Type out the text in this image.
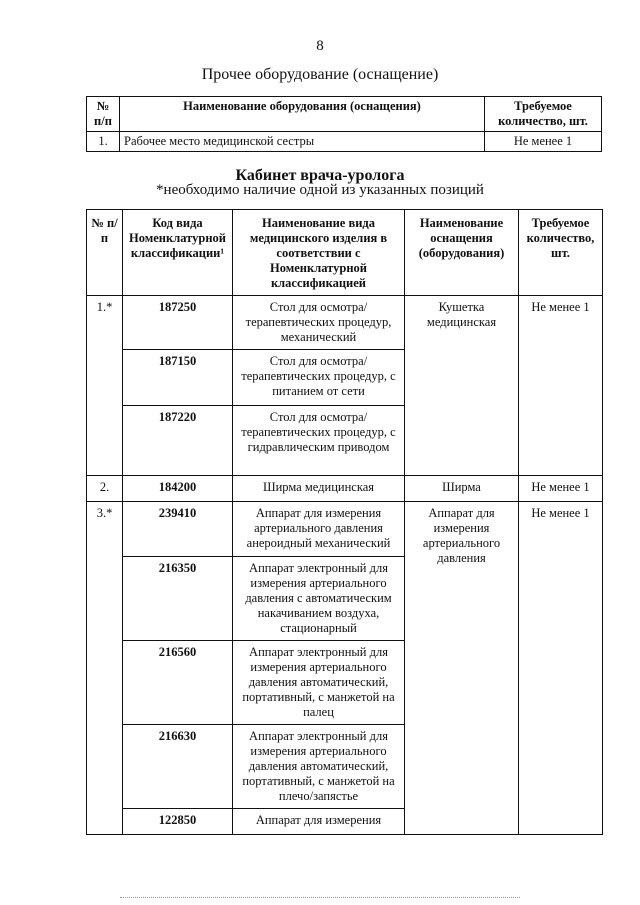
8
Прочее оборудование (оснащение)
№ п/п	Наименование оборудования (оснащения)	Требуемое количество, шт.
1.	Рабочее место медицинской сестры	Не менее 1
Кабинет врача-уролога
*необходимо наличие одной из указанных позиций
№ п/п	Код вида Номенклатурной классификации¹	Наименование вида медицинского изделия в соответствии с Номенклатурной классификацией	Наименование оснащения (оборудования)	Требуемое количество, шт.
1.*	187250	Стол для осмотра/терапевтических процедур, механический	Кушетка медицинская	Не менее 1
	187150	Стол для осмотра/терапевтических процедур, с питанием от сети		
	187220	Стол для осмотра/терапевтических процедур, с гидравлическим приводом		
2.	184200	Ширма медицинская	Ширма	Не менее 1
3.*	239410	Аппарат для измерения артериального давления анероидный механический	Аппарат для измерения артериального давления	Не менее 1
	216350	Аппарат электронный для измерения артериального давления с автоматическим накачиванием воздуха, стационарный		
	216560	Аппарат электронный для измерения артериального давления автоматический, портативный, с манжетой на палец		
	216630	Аппарат электронный для измерения артериального давления автоматический, портативный, с манжетой на плечо/запястье		
	122850	Аппарат для измерения		
